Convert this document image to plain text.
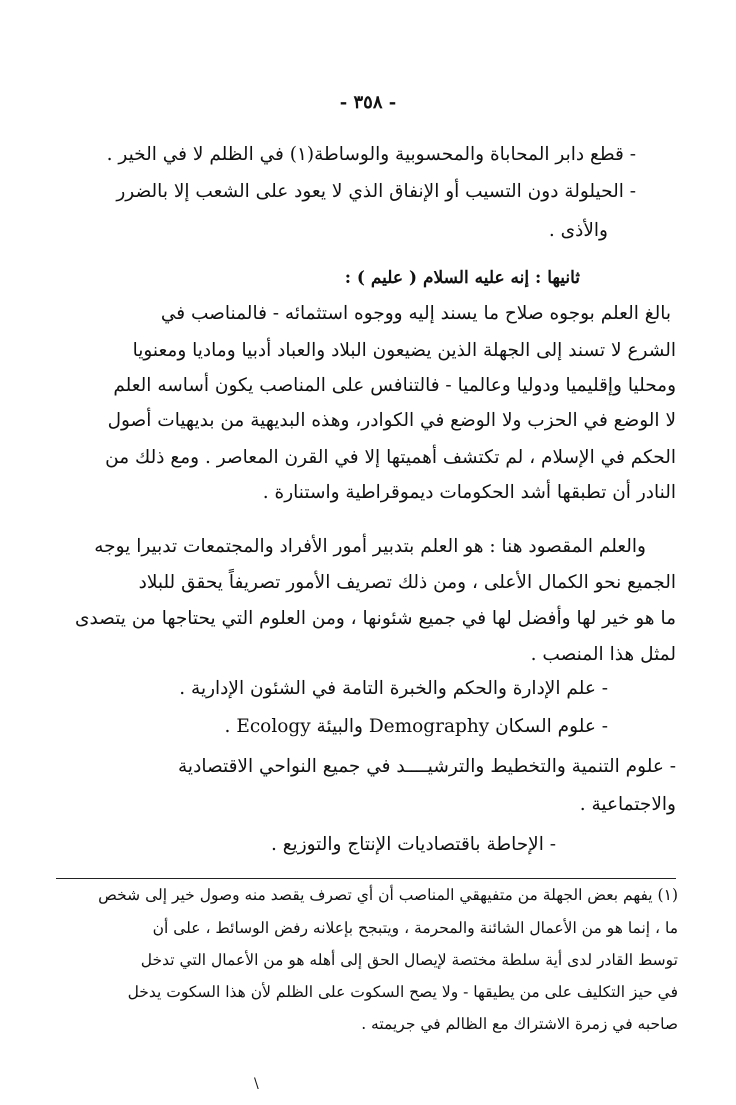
- ٣٥٨ -
- قطع دابر المحاباة والمحسوبية والوساطة(١) في الظلم لا في الخير .
- الحيلولة دون التسيب أو الإنفاق الذي لا يعود على الشعب إلا بالضرر
والأذى .
ثانيها : إنه عليه السلام ( عليم ) :
بالغ العلم بوجوه صلاح ما يسند إليه ووجوه استثمائه - فالمناصب في
الشرع لا تسند إلى الجهلة الذين يضيعون البلاد والعباد أدبيا وماديا ومعنويا
ومحليا وإقليميا ودوليا وعالميا - فالتنافس على المناصب يكون أساسه العلم
لا الوضع في الحزب ولا الوضع في الكوادر، وهذه البديهية من بديهيات أصول
الحكم في الإسلام ، لم تكتشف أهميتها إلا في القرن المعاصر . ومع ذلك من
النادر أن تطبقها أشد الحكومات ديموقراطية واستنارة .
والعلم المقصود هنا : هو العلم بتدبير أمور الأفراد والمجتمعات تدبيرا يوجه
الجميع نحو الكمال الأعلى ، ومن ذلك تصريف الأمور تصريفاً يحقق للبلاد
ما هو خير لها وأفضل لها في جميع شئونها ، ومن العلوم التي يحتاجها من يتصدى
لمثل هذا المنصب .
- علم الإدارة والحكم والخبرة التامة في الشئون الإدارية .
- علوم السكان Demography والبيئة Ecology .
- علوم التنمية والتخطيط والترشيــــد في جميع النواحي الاقتصادية
والاجتماعية .
- الإحاطة باقتصاديات الإنتاج والتوزيع .
(١) يفهم بعض الجهلة من متفيهقي المناصب أن أي تصرف يقصد منه وصول خير إلى شخص
ما ، إنما هو من الأعمال الشائنة والمحرمة ، ويتبجح بإعلانه رفض الوسائط ، على أن
توسط القادر لدى أية سلطة مختصة لإيصال الحق إلى أهله هو من الأعمال التي تدخل
في حيز التكليف على من يطيقها - ولا يصح السكوت على الظلم لأن هذا السكوت يدخل
صاحبه في زمرة الاشتراك مع الظالم في جريمته .
\
